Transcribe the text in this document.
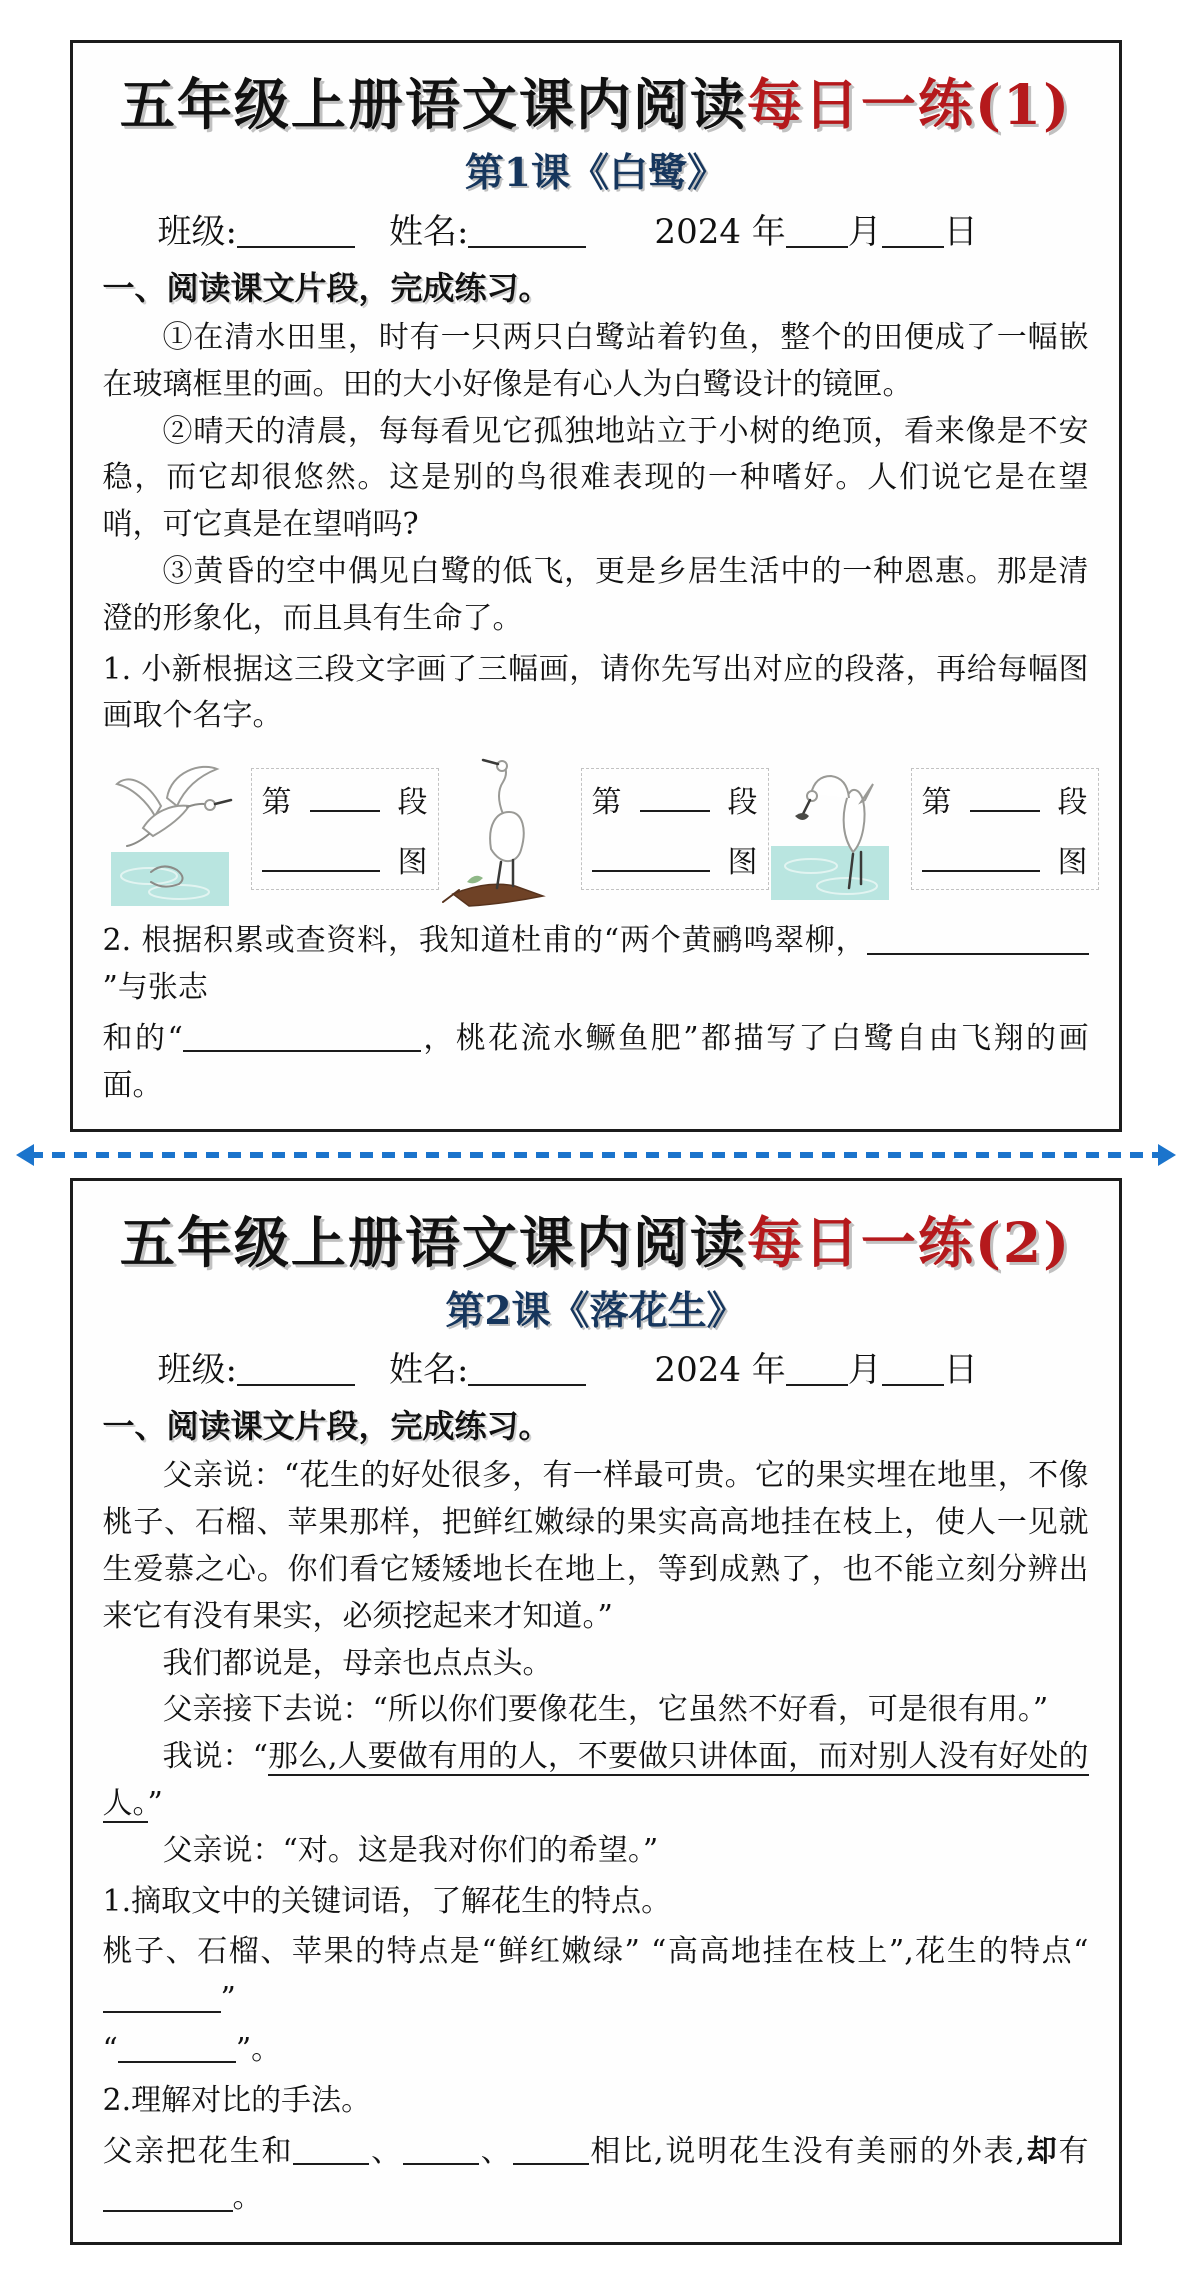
五年级上册语文课内阅读每日一练(1)
第1课《白鹭》
班级:	　姓名:	　　2024 年 月 日
一、阅读课文片段，完成练习。

①在清水田里，时有一只两只白鹭站着钓鱼，整个的田便成了一幅嵌在玻璃框里的画。田的大小好像是有心人为白鹭设计的镜匣。

②晴天的清晨，每每看见它孤独地站立于小树的绝顶，看来像是不安稳，而它却很悠然。这是别的鸟很难表现的一种嗜好。人们说它是在望哨，可它真是在望哨吗?

③黄昏的空中偶见白鹭的低飞，更是乡居生活中的一种恩惠。那是清澄的形象化，而且具有生命了。

1. 小新根据这三段文字画了三幅画，请你先写出对应的段落，再给每幅图画取个名字。

第	段
图
第	段
图
第	段
图

2. 根据积累或查资料，我知道杜甫的“两个黄鹂鸣翠柳，”与张志

和的“	，桃花流水鳜鱼肥”都描写了白鹭自由飞翔的画面。

五年级上册语文课内阅读每日一练(2)
第2课《落花生》
班级:	　姓名:	　　2024 年 月 日
一、阅读课文片段，完成练习。

父亲说：“花生的好处很多，有一样最可贵。它的果实埋在地里，不像桃子、石榴、苹果那样，把鲜红嫩绿的果实高高地挂在枝上，使人一见就生爱慕之心。你们看它矮矮地长在地上，等到成熟了，也不能立刻分辨出来它有没有果实，必须挖起来才知道。”

我们都说是，母亲也点点头。

父亲接下去说：“所以你们要像花生，它虽然不好看，可是很有用。”

我说：“那么,人要做有用的人，不要做只讲体面，而对别人没有好处的人。”

父亲说：“对。这是我对你们的希望。”

1.摘取文中的关键词语，了解花生的特点。

桃子、石榴、苹果的特点是“鲜红嫩绿” “高高地挂在枝上”,花生的特点“”

“	”。

2.理解对比的手法。

父亲把花生和	、	、	相比,说明花生没有美丽的外表,却有。
